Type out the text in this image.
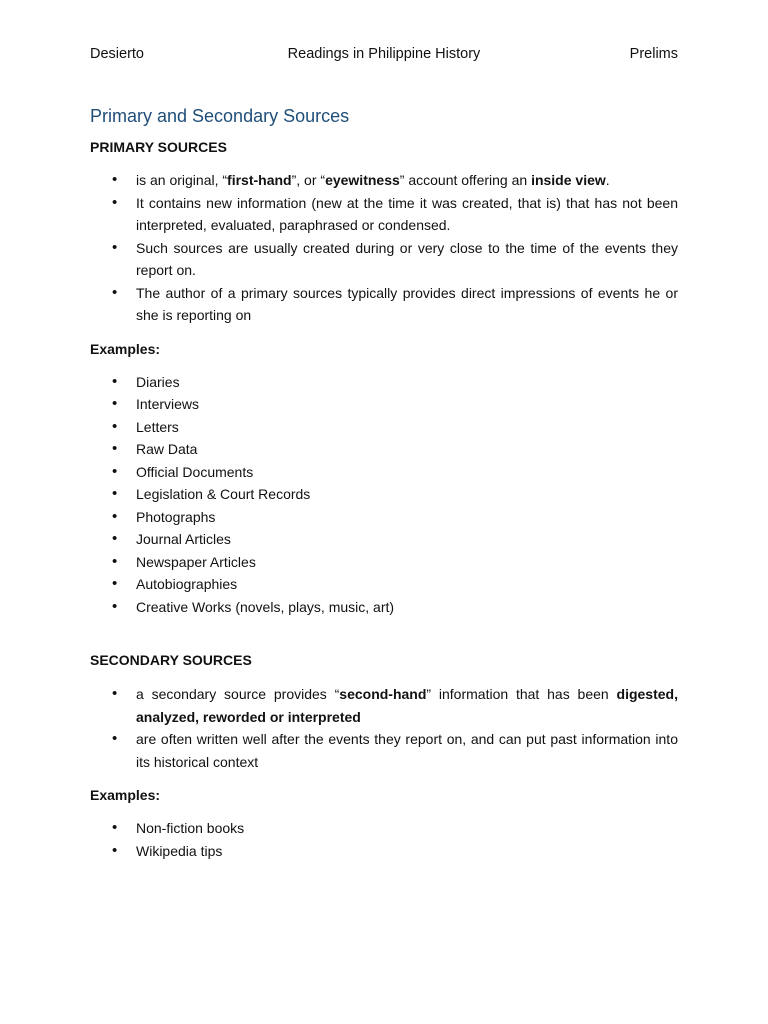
Desierto	Readings in Philippine History	Prelims
Primary and Secondary Sources

PRIMARY SOURCES

• is an original, “first-hand”, or “eyewitness” account offering an inside view.
• It contains new information (new at the time it was created, that is) that has not been interpreted, evaluated, paraphrased or condensed.
• Such sources are usually created during or very close to the time of the events they report on.
• The author of a primary sources typically provides direct impressions of events he or she is reporting on

Examples:

• Diaries
• Interviews
• Letters
• Raw Data
• Official Documents
• Legislation & Court Records
• Photographs
• Journal Articles
• Newspaper Articles
• Autobiographies
• Creative Works (novels, plays, music, art)

SECONDARY SOURCES

• a secondary source provides “second-hand” information that has been digested, analyzed, reworded or interpreted
• are often written well after the events they report on, and can put past information into its historical context

Examples:

• Non-fiction books
• Wikipedia tips
